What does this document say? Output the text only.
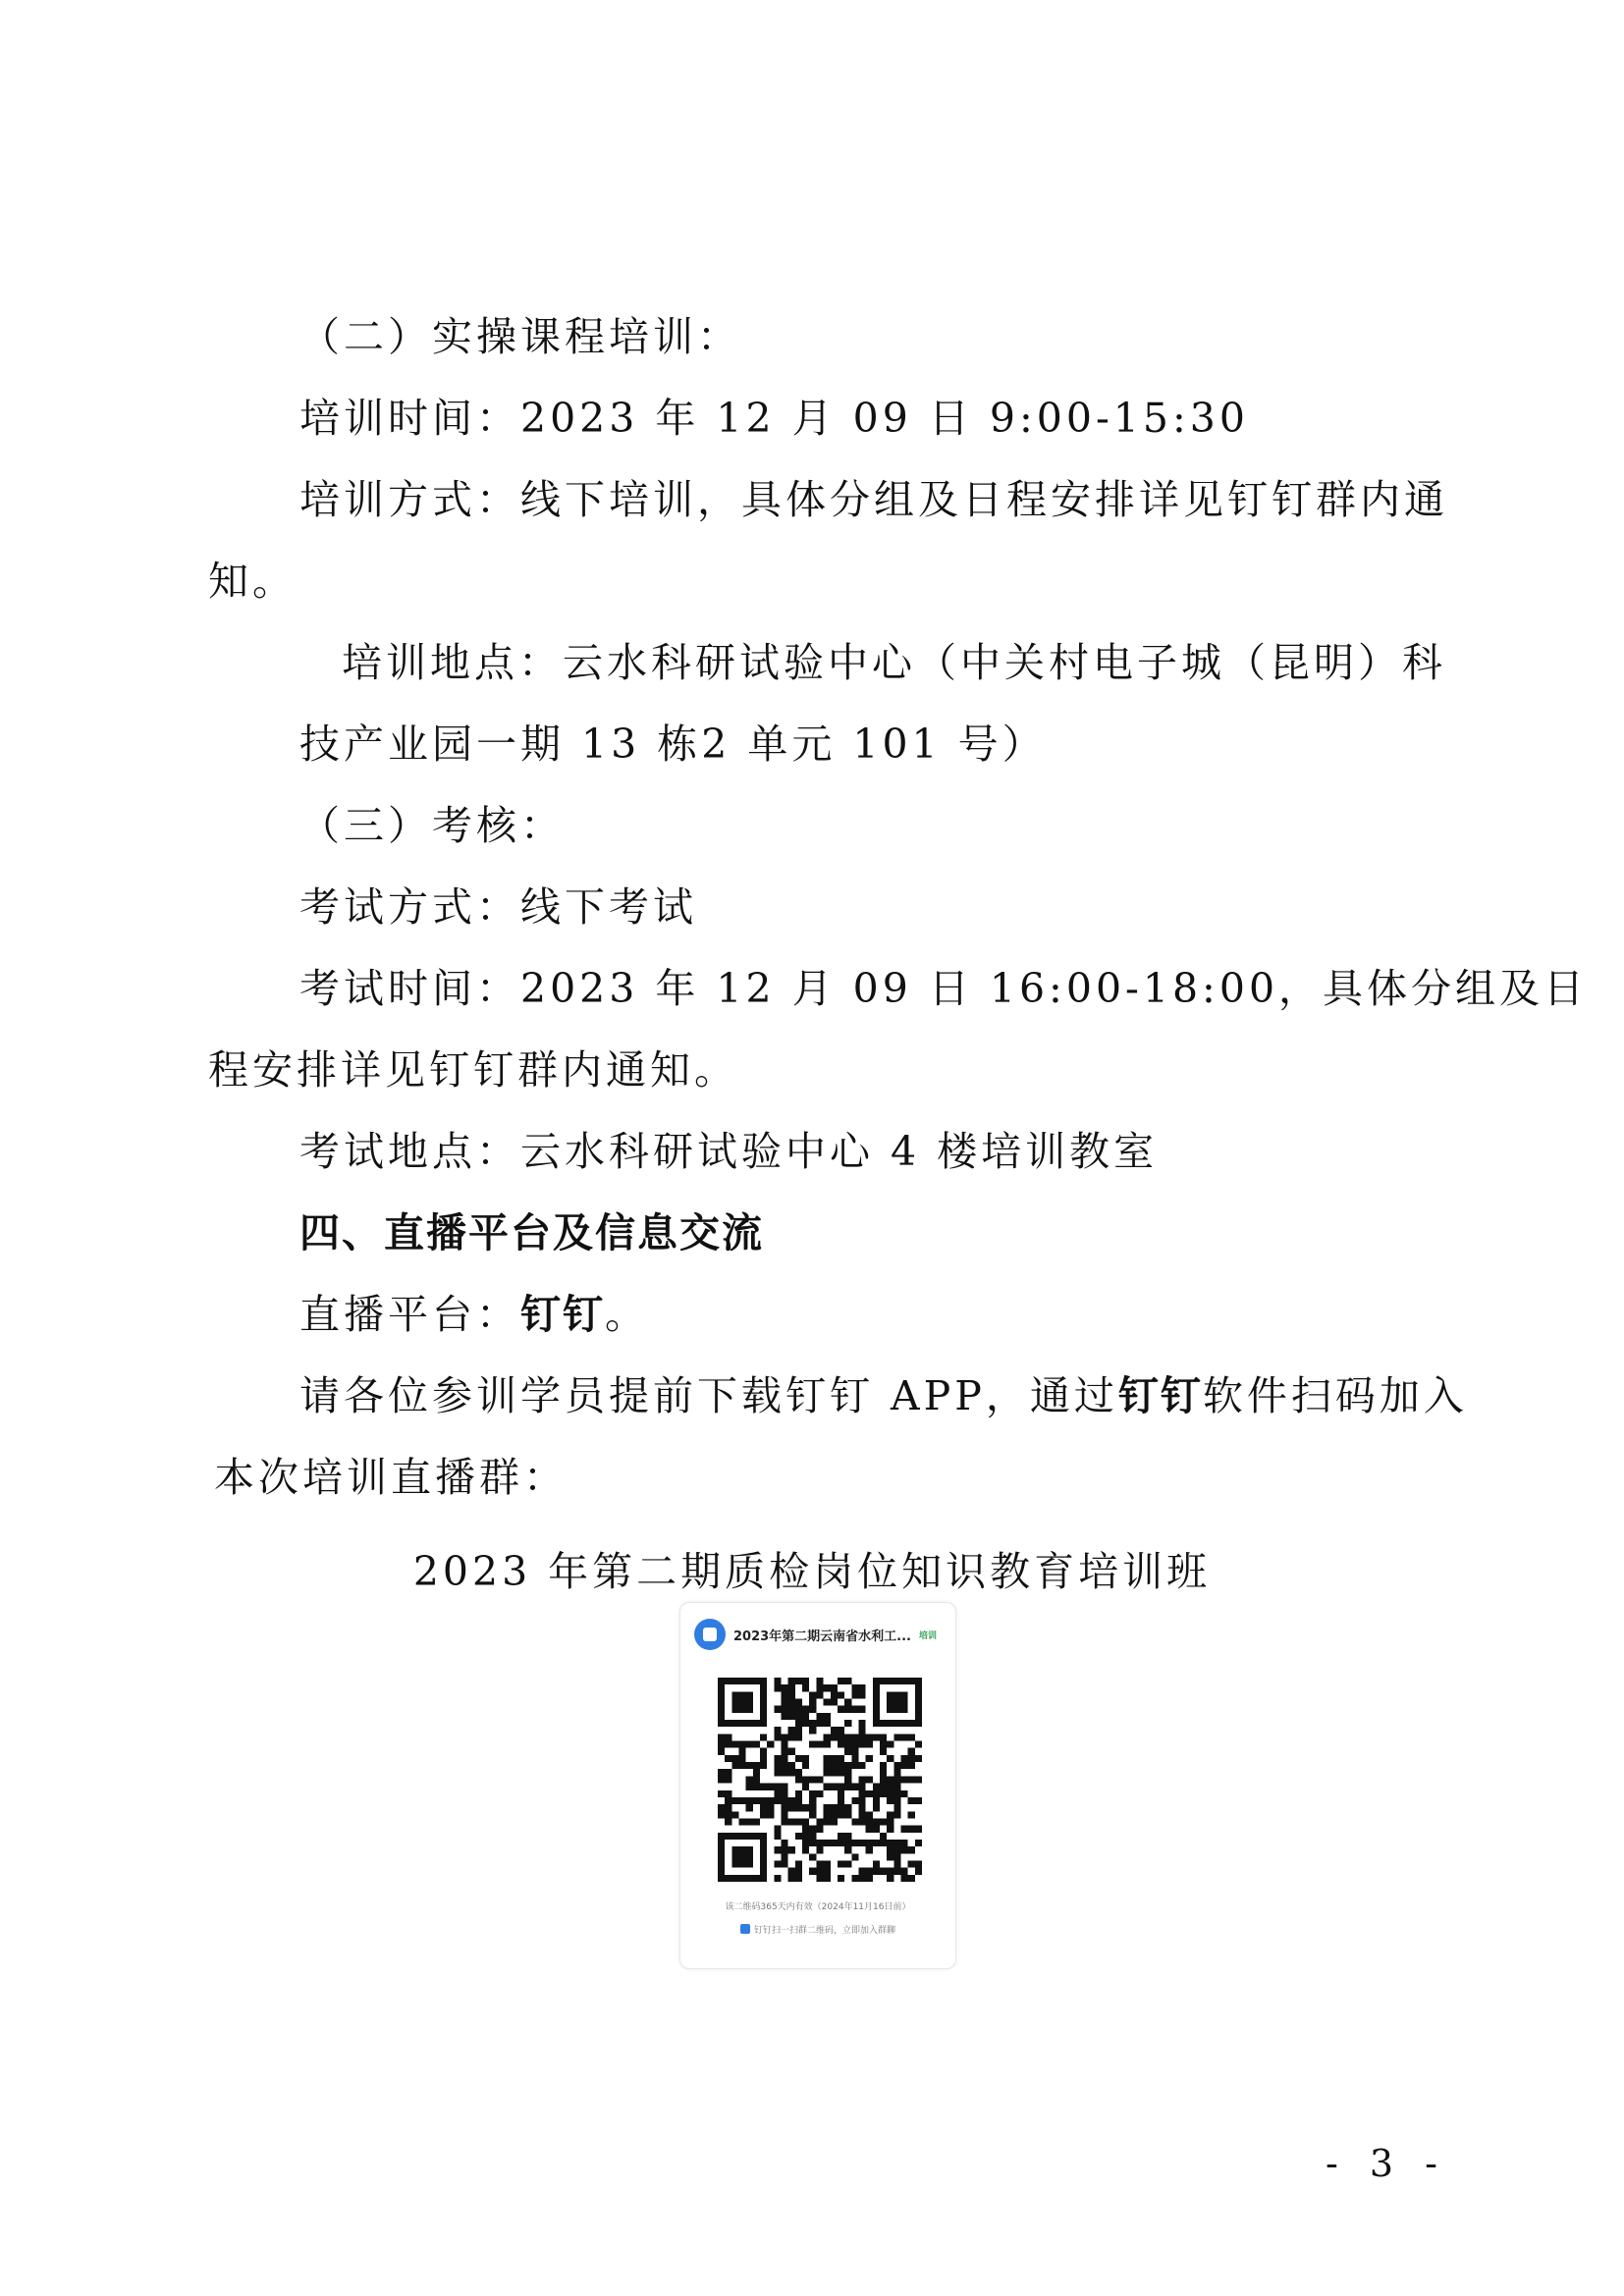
（二）实操课程培训：
培训时间：2023 年 12 月 09 日 9:00-15:30
培训方式：线下培训，具体分组及日程安排详见钉钉群内通
知。
培训地点：云水科研试验中心（中关村电子城（昆明）科
技产业园一期 13 栋2 单元 101 号）
（三）考核：
考试方式：线下考试
考试时间：2023 年 12 月 09 日 16:00-18:00，具体分组及日
程安排详见钉钉群内通知。
考试地点：云水科研试验中心 4 楼培训教室
四、直播平台及信息交流
直播平台：钉钉。
请各位参训学员提前下载钉钉 APP，通过钉钉软件扫码加入
本次培训直播群：
2023 年第二期质检岗位知识教育培训班
2023年第二期云南省水利工... 培训
该二维码365天内有效（2024年11月16日前）
钉钉扫一扫群二维码，立即加入群聊
- 3 -
